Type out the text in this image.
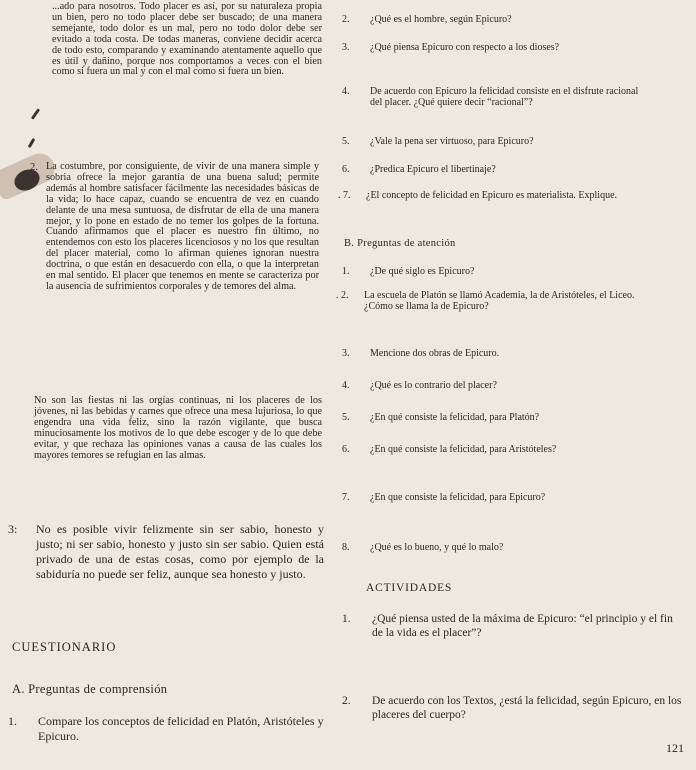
...ado para nosotros. Todo placer es así, por su naturaleza propia un bien, pero no todo placer debe ser buscado; de una manera semejante, todo dolor es un mal, pero no todo dolor debe ser evitado a toda costa. De todas maneras, conviene decidir acerca de todo esto, comparando y examinando atentamente aquello que es útil y dañino, porque nos comportamos a veces con el bien como si fuera un mal y con el mal como si fuera un bien.

2. La costumbre, por consiguiente, de vivir de una manera simple y sobria ofrece la mejor garantía de una buena salud; permite además al hombre satisfacer fácilmente las necesidades básicas de la vida; lo hace capaz, cuando se encuentra de vez en cuando delante de una mesa suntuosa, de disfrutar de ella de una manera mejor, y lo pone en estado de no temer los golpes de la fortuna. Cuando afirmamos que el placer es nuestro fin último, no entendemos con esto los placeres licenciosos y no los que resultan del placer material, como lo afirman quienes ignoran nuestra doctrina, o que están en desacuerdo con ella, o que la interpretan en mal sentido. El placer que tenemos en mente se caracteriza por la ausencia de sufrimientos corporales y de temores del alma.

No son las fiestas ni las orgías continuas, ni los placeres de los jóvenes, ni las bebidas y carnes que ofrece una mesa lujuriosa, lo que engendra una vida feliz, sino la razón vigilante, que busca minuciosamente los motivos de lo que debe escoger y de lo que debe evitar, y que rechaza las opiniones vanas a causa de las cuales los mayores temores se refugian en las almas.

3: No es posible vivir felizmente sin ser sabio, honesto y justo; ni ser sabio, honesto y justo sin ser sabio. Quien está privado de una de estas cosas, como por ejemplo de la sabiduría no puede ser feliz, aunque sea honesto y justo.

CUESTIONARIO

A. Preguntas de comprensión

1. Compare los conceptos de felicidad en Platón, Aristóteles y Epicuro.

2.	¿Qué es el hombre, según Epicuro?
3.	¿Qué piensa Epicuro con respecto a los dioses?
4.	De acuerdo con Epicuro la felicidad consiste en el disfrute racional del placer. ¿Qué quiere decir “racional”?
5.	¿Vale la pena ser virtuoso, para Epicuro?
6.	¿Predica Epicuro el libertinaje?
. 7.	¿El concepto de felicidad en Epicuro es materialista. Explique.

B. Preguntas de atención

1.	¿De qué siglo es Epicuro?
. 2.	La escuela de Platón se llamó Academia, la de Aristóteles, el Liceo. ¿Cómo se llama la de Epicuro?
3.	Mencione dos obras de Epicuro.
4.	¿Qué es lo contrario del placer?
5.	¿En qué consiste la felicidad, para Platón?
6.	¿En qué consiste la felicidad, para Aristóteles?
7.	¿En que consiste la felicidad, para Epicuro?
8.	¿Qué es lo bueno, y qué lo malo?

ACTIVIDADES

1.	¿Qué piensa usted de la máxima de Epicuro: “el principio y el fin de la vida es el placer”?
2.	De acuerdo con los Textos, ¿está la felicidad, según Epicuro, en los placeres del cuerpo?
121
